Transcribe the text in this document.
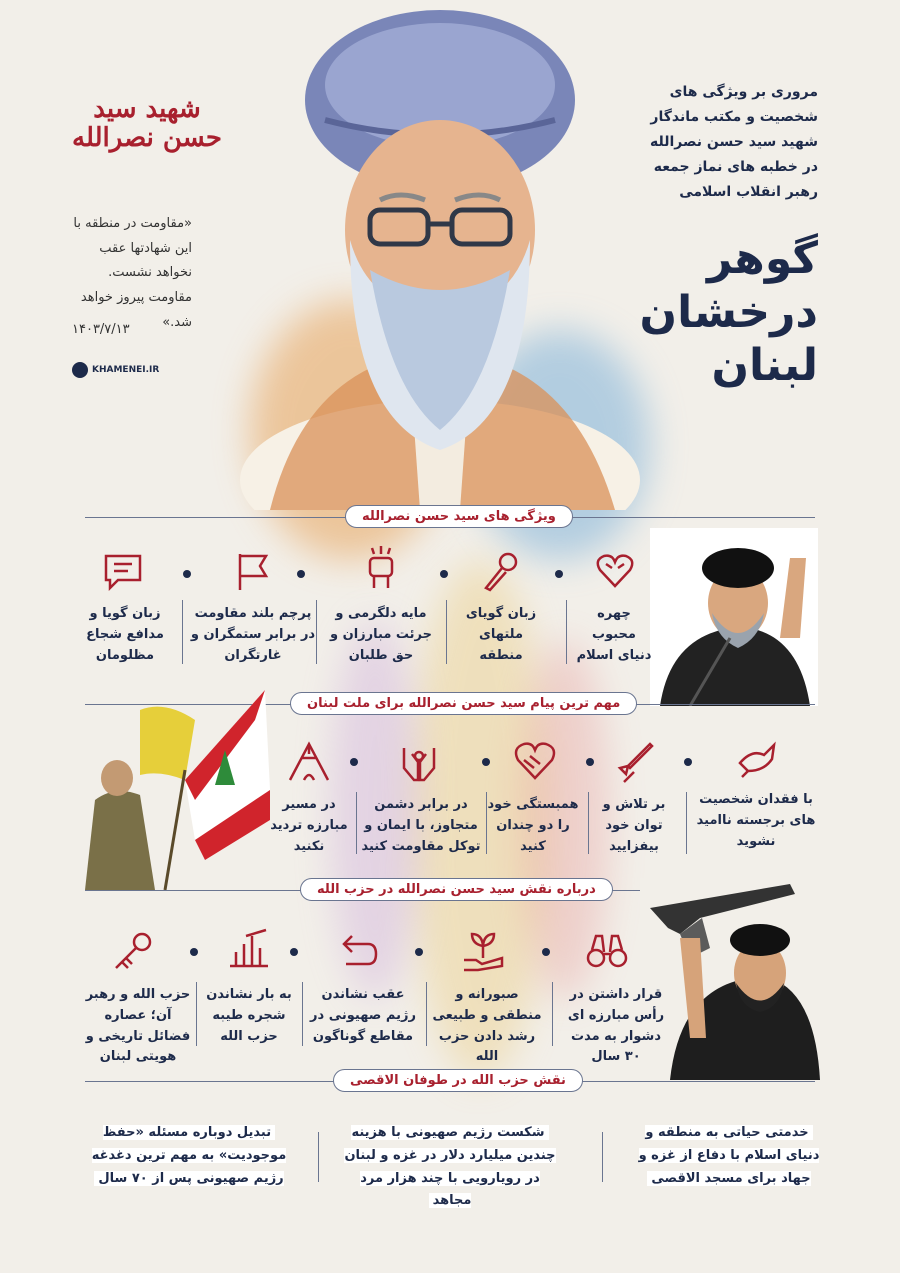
شهید سید حسن نصرالله
«مقاومت در منطقه با این شهادتها عقب نخواهد نشست. مقاومت پیروز خواهد شد.»
۱۴۰۳/۷/۱۳
KHAMENEI.IR
مروری بر ویژگی های
شخصیت و مکتب ماندگار
شهید سید حسن نصرالله
در خطبه های نماز جمعه
رهبر انقلاب اسلامی
گوهر
درخشان
لبنان
ویژگی های سید حسن نصرالله
چهره محبوب دنیای اسلام
زبان گویای ملتهای منطقه
مایه دلگرمی و جرئت مبارزان و حق طلبان
پرچم بلند مقاومت در برابر ستمگران و غارتگران
زبان گویا و مدافع شجاع مظلومان
مهم ترین پیام سید حسن نصرالله برای ملت لبنان
با فقدان شخصیت های برجسته ناامید نشوید
بر تلاش و توان خود بیفزایید
همبستگی خود را دو چندان کنید
در برابر دشمن متجاوز، با ایمان و توکل مقاومت کنید
در مسیر مبارزه تردید نکنید
درباره نقش سید حسن نصرالله در حزب الله
قرار داشتن در رأس مبارزه ای دشوار به مدت ۳۰ سال
صبورانه و منطقی و طبیعی رشد دادن حزب الله
عقب نشاندن رژیم صهیونی در مقاطع گوناگون
به بار نشاندن شجره طیبه حزب الله
حزب الله و رهبر آن؛ عصاره فضائل تاریخی و هویتی لبنان
نقش حزب الله در طوفان الاقصی
خدمتی حیاتی به منطقه و دنیای اسلام با دفاع از غزه و جهاد برای مسجد الاقصی
شکست رژیم صهیونی با هزینه چندین میلیارد دلار در غزه و لبنان در رویارویی با چند هزار مرد مجاهد
تبدیل دوباره مسئله «حفظ موجودیت» به مهم ترین دغدغه رژیم صهیونی پس از ۷۰ سال
